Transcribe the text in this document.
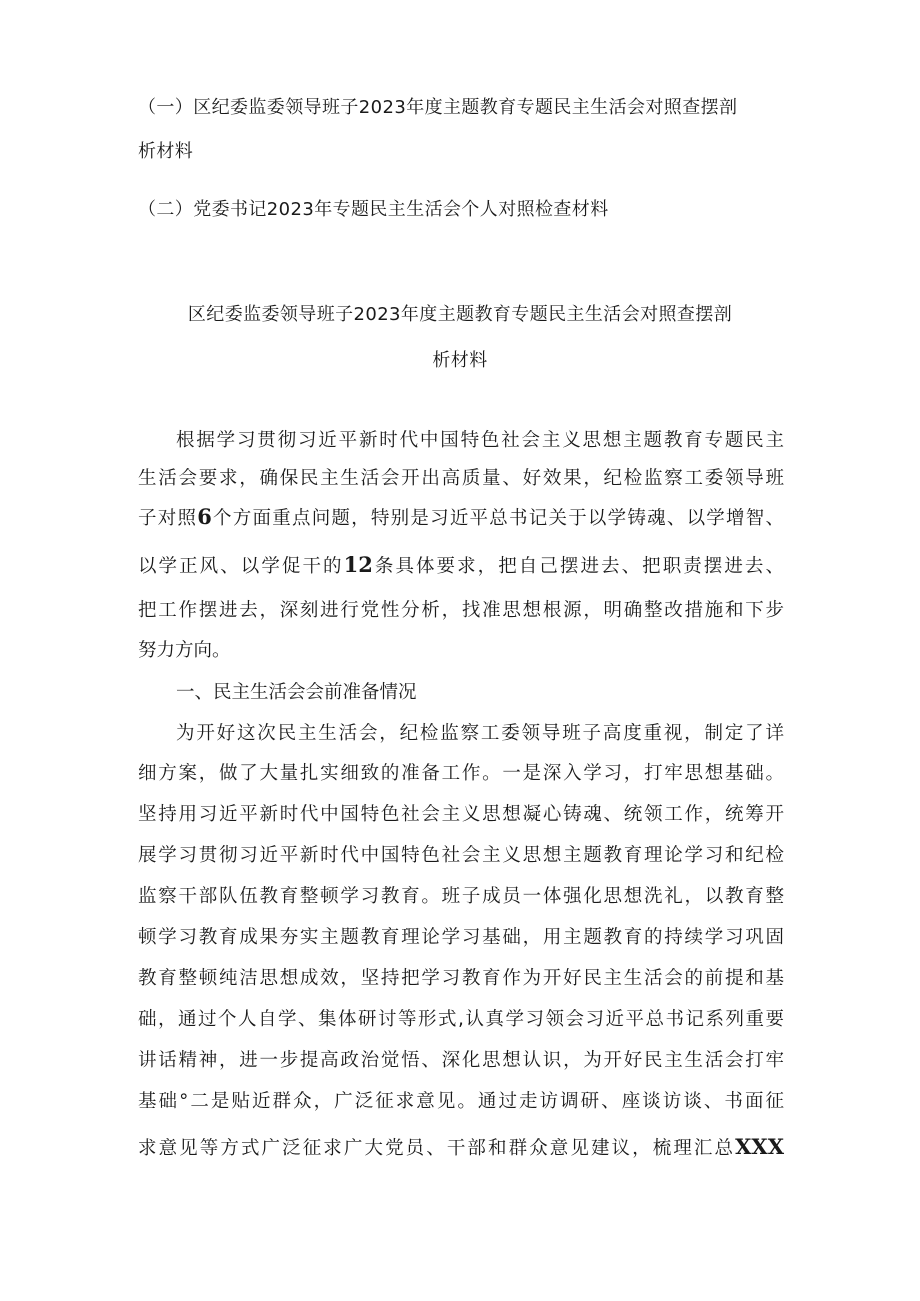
（一）区纪委监委领导班子2023年度主题教育专题民主生活会对照查摆剖
析材料
（二）党委书记2023年专题民主生活会个人对照检查材料
区纪委监委领导班子2023年度主题教育专题民主生活会对照查摆剖
析材料
根据学习贯彻习近平新时代中国特色社会主义思想主题教育专题民主
生活会要求，确保民主生活会开出高质量、好效果，纪检监察工委领导班
子对照6个方面重点问题，特别是习近平总书记关于以学铸魂、以学增智、
以学正风、以学促干的12条具体要求，把自己摆进去、把职责摆进去、
把工作摆进去，深刻进行党性分析，找准思想根源，明确整改措施和下步
努力方向。
一、民主生活会会前准备情况
为开好这次民主生活会，纪检监察工委领导班子高度重视，制定了详
细方案，做了大量扎实细致的准备工作。一是深入学习，打牢思想基础。
坚持用习近平新时代中国特色社会主义思想凝心铸魂、统领工作，统筹开
展学习贯彻习近平新时代中国特色社会主义思想主题教育理论学习和纪检
监察干部队伍教育整顿学习教育。班子成员一体强化思想洗礼，以教育整
顿学习教育成果夯实主题教育理论学习基础，用主题教育的持续学习巩固
教育整顿纯洁思想成效，坚持把学习教育作为开好民主生活会的前提和基
础，通过个人自学、集体研讨等形式,认真学习领会习近平总书记系列重要
讲话精神，进一步提高政治觉悟、深化思想认识，为开好民主生活会打牢
基础°二是贴近群众，广泛征求意见。通过走访调研、座谈访谈、书面征
求意见等方式广泛征求广大党员、干部和群众意见建议，梳理汇总XXX
